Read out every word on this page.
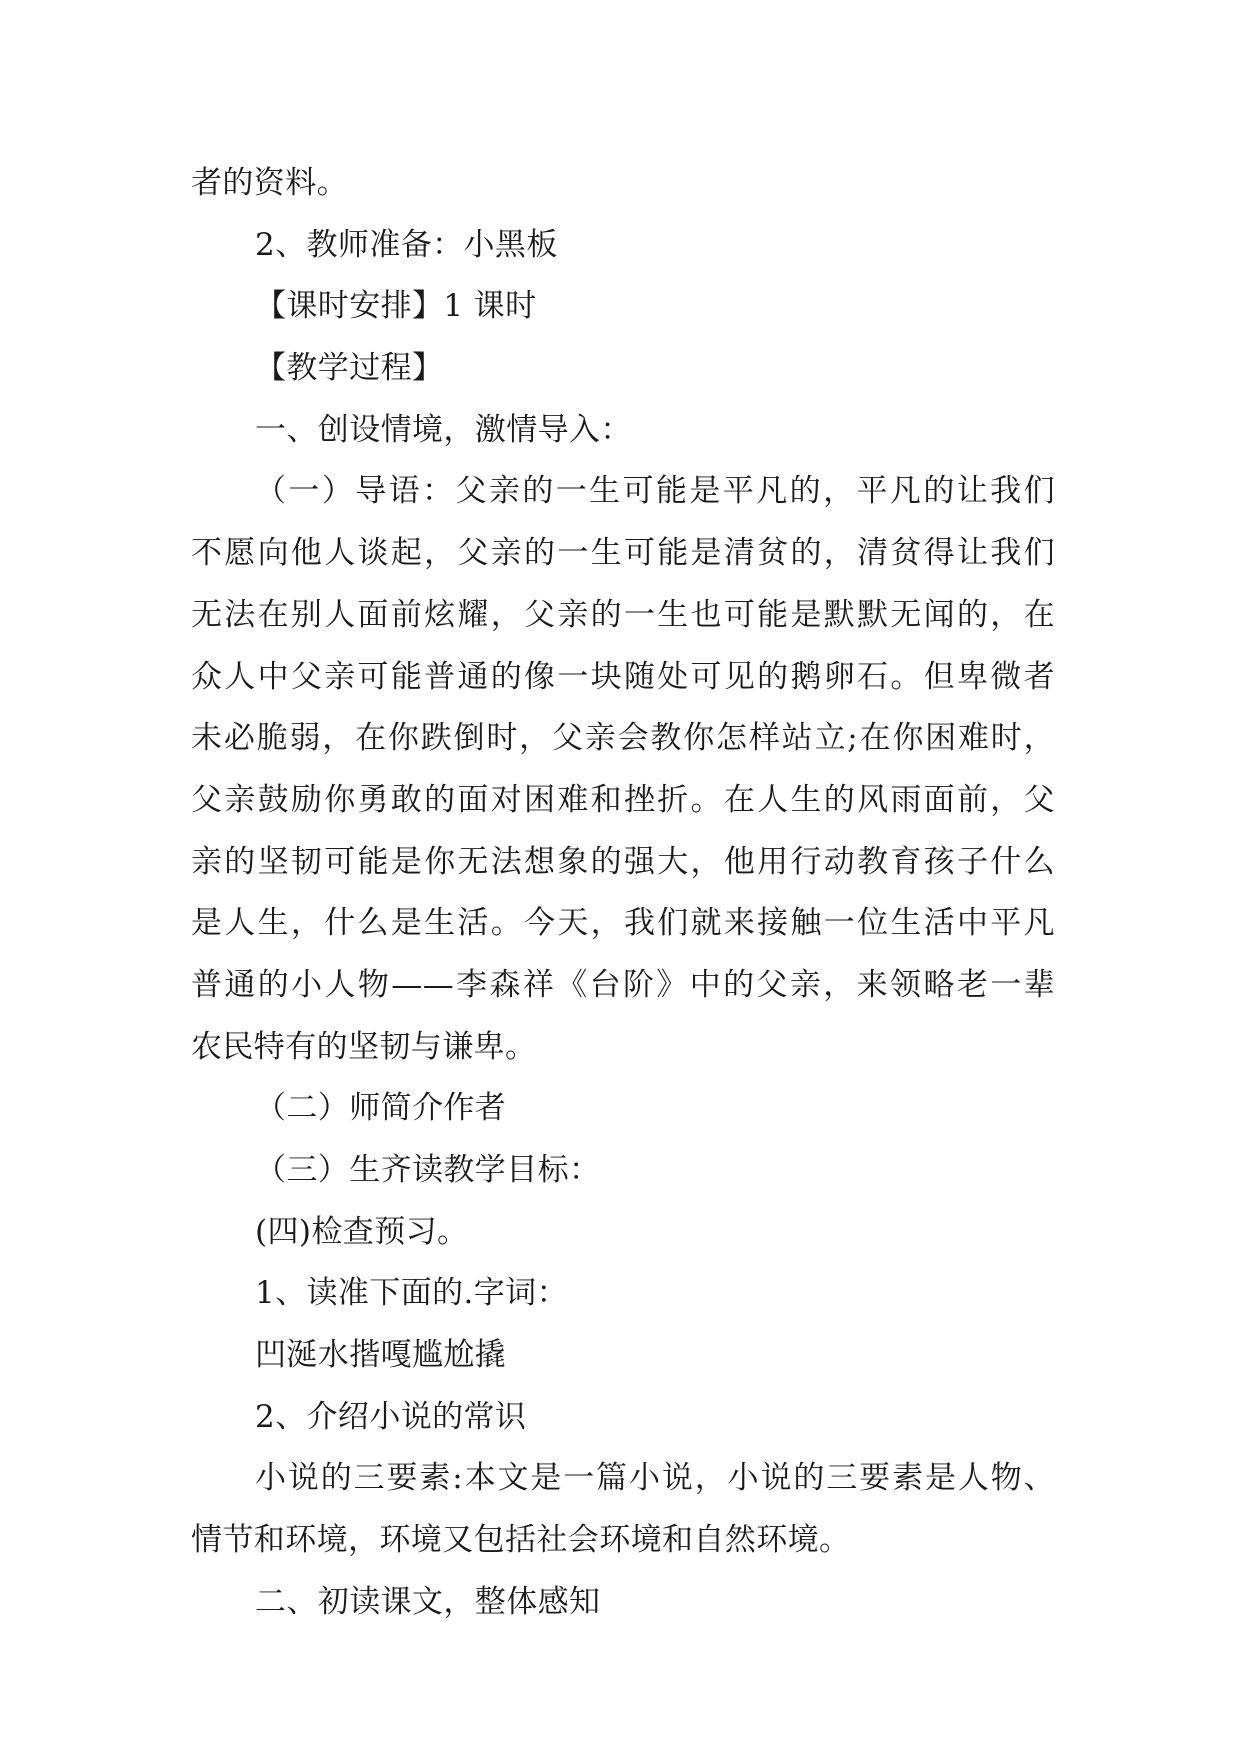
者的资料。
2、教师准备：小黑板
【课时安排】1 课时
【教学过程】
一、创设情境，激情导入：
（一）导语：父亲的一生可能是平凡的，平凡的让我们
不愿向他人谈起，父亲的一生可能是清贫的，清贫得让我们
无法在别人面前炫耀，父亲的一生也可能是默默无闻的，在
众人中父亲可能普通的像一块随处可见的鹅卵石。但卑微者
未必脆弱，在你跌倒时，父亲会教你怎样站立;在你困难时，
父亲鼓励你勇敢的面对困难和挫折。在人生的风雨面前，父
亲的坚韧可能是你无法想象的强大，他用行动教育孩子什么
是人生，什么是生活。今天，我们就来接触一位生活中平凡
普通的小人物——李森祥《台阶》中的父亲，来领略老一辈
农民特有的坚韧与谦卑。
（二）师简介作者
（三）生齐读教学目标：
(四)检查预习。
1、读准下面的.字词：
凹涎水揩嘎尴尬撬
2、介绍小说的常识
小说的三要素:本文是一篇小说，小说的三要素是人物、
情节和环境，环境又包括社会环境和自然环境。
二、初读课文，整体感知
